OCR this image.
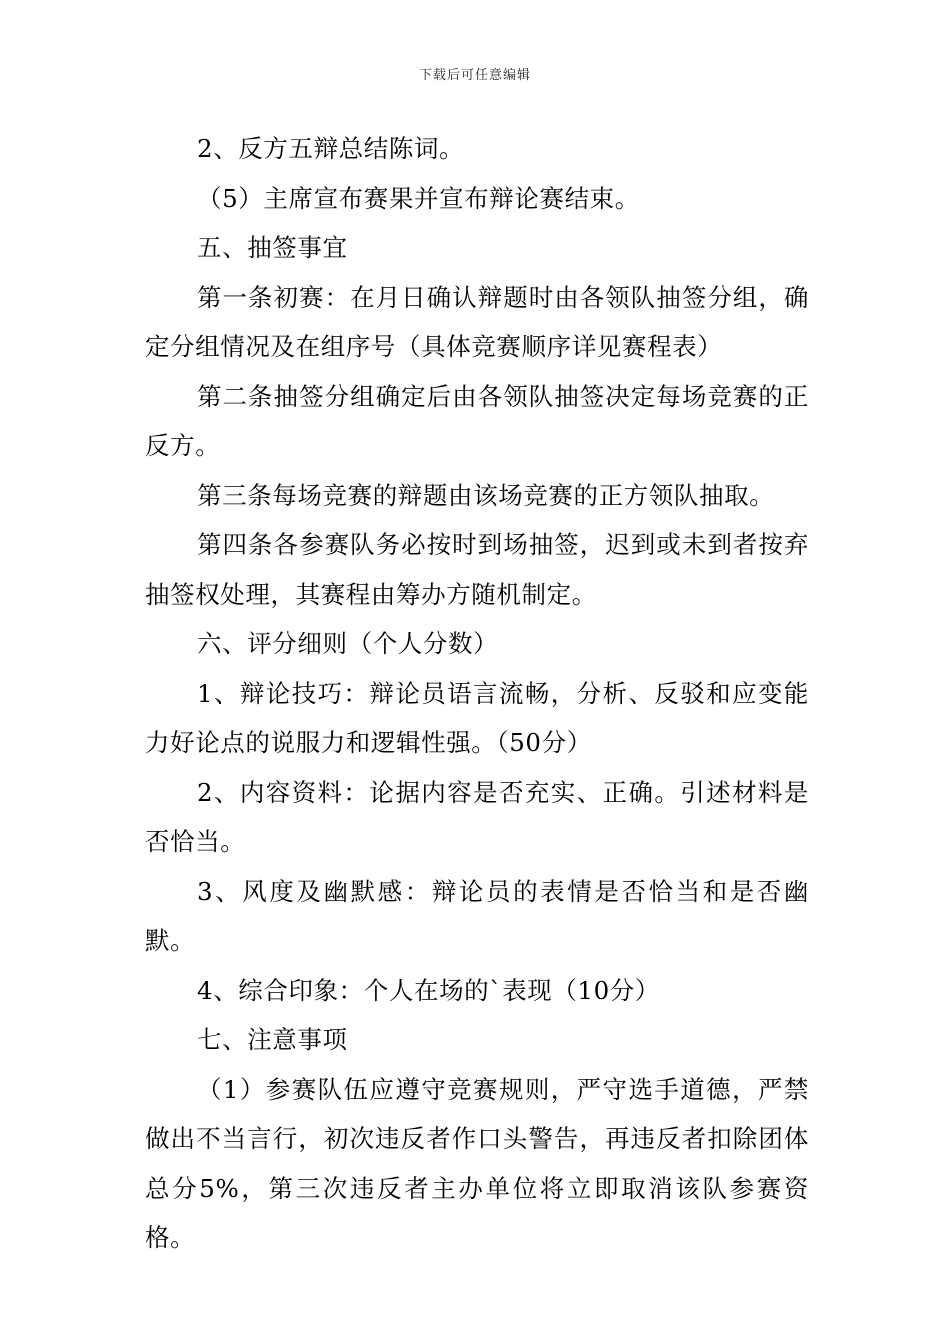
下载后可任意编辑

2、反方五辩总结陈词。

（5）主席宣布赛果并宣布辩论赛结束。

五、抽签事宜

第一条初赛：在月日确认辩题时由各领队抽签分组，确定分组情况及在组序号（具体竞赛顺序详见赛程表）

第二条抽签分组确定后由各领队抽签决定每场竞赛的正反方。

第三条每场竞赛的辩题由该场竞赛的正方领队抽取。

第四条各参赛队务必按时到场抽签，迟到或未到者按弃抽签权处理，其赛程由筹办方随机制定。

六、评分细则（个人分数）

1、辩论技巧：辩论员语言流畅，分析、反驳和应变能力好论点的说服力和逻辑性强。（50分）

2、内容资料：论据内容是否充实、正确。引述材料是否恰当。

3、风度及幽默感：辩论员的表情是否恰当和是否幽默。

4、综合印象：个人在场的`表现（10分）

七、注意事项

（1）参赛队伍应遵守竞赛规则，严守选手道德，严禁做出不当言行，初次违反者作口头警告，再违反者扣除团体总分5%，第三次违反者主办单位将立即取消该队参赛资格。
